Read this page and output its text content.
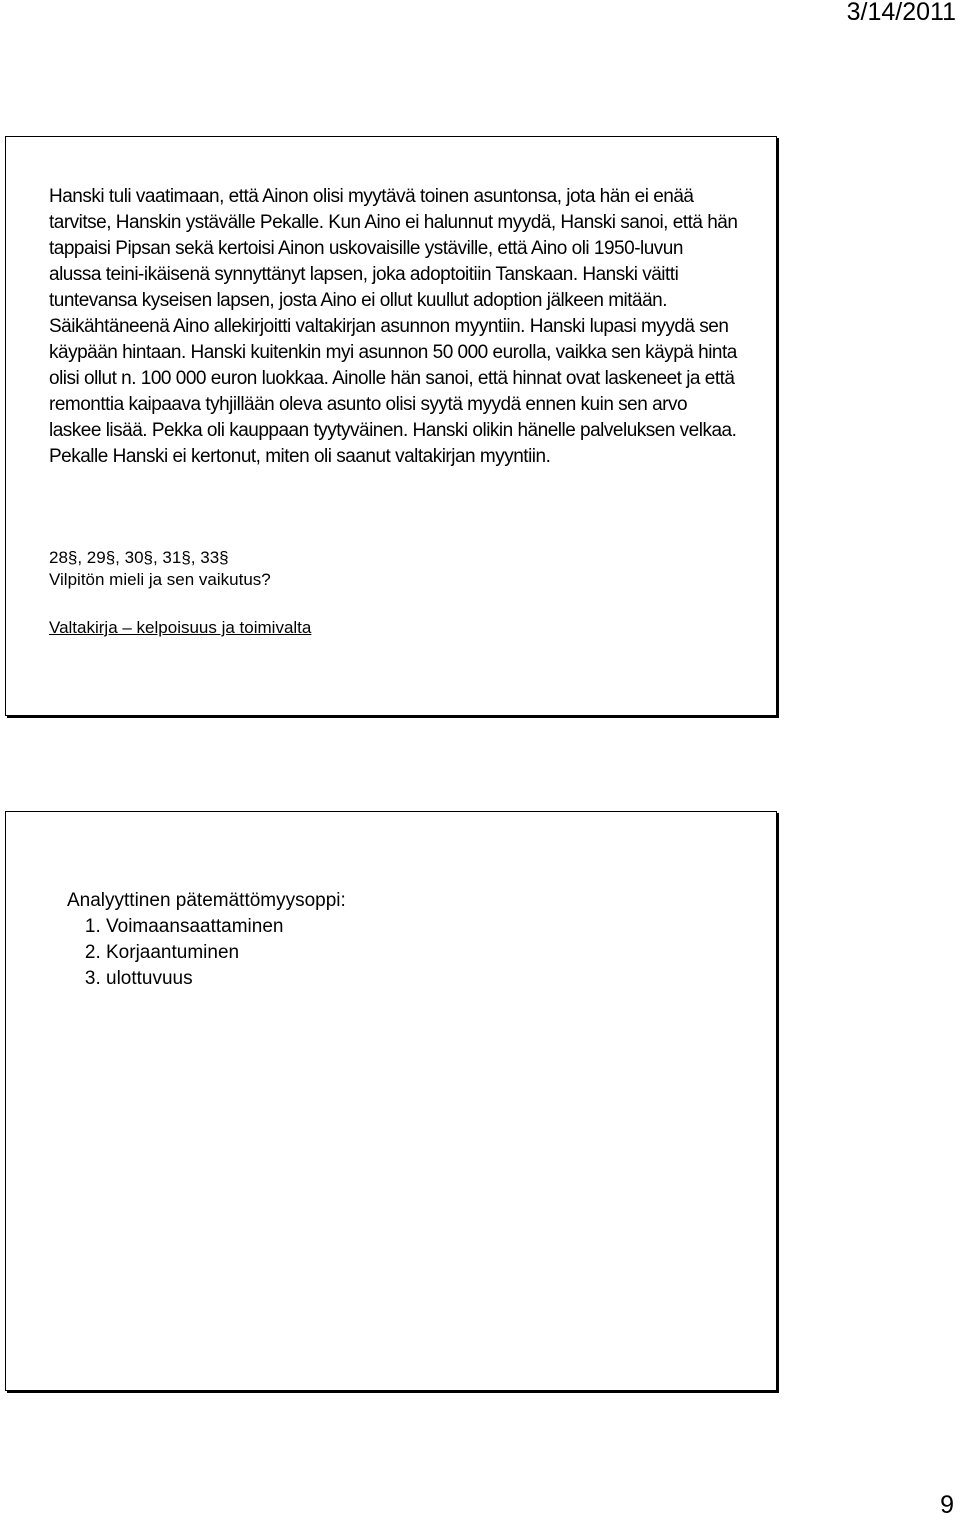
3/14/2011

Hanski tuli vaatimaan, että Ainon olisi myytävä toinen asuntonsa, jota hän ei enää tarvitse, Hanskin ystävälle Pekalle. Kun Aino ei halunnut myydä, Hanski sanoi, että hän tappaisi Pipsan sekä kertoisi Ainon uskovaisille ystäville, että Aino oli 1950-luvun alussa teini-ikäisenä synnyttänyt lapsen, joka adoptoitiin Tanskaan. Hanski väitti tuntevansa kyseisen lapsen, josta Aino ei ollut kuullut adoption jälkeen mitään. Säikähtäneenä Aino allekirjoitti valtakirjan asunnon myyntiin. Hanski lupasi myydä sen käypään hintaan. Hanski kuitenkin myi asunnon 50 000 eurolla, vaikka sen käypä hinta olisi ollut n. 100 000 euron luokkaa. Ainolle hän sanoi, että hinnat ovat laskeneet ja että remonttia kaipaava tyhjillään oleva asunto olisi syytä myydä ennen kuin sen arvo laskee lisää. Pekka oli kauppaan tyytyväinen. Hanski olikin hänelle palveluksen velkaa. Pekalle Hanski ei kertonut, miten oli saanut valtakirjan myyntiin.

28§, 29§, 30§, 31§, 33§

Vilpitön mieli ja sen vaikutus?

Valtakirja – kelpoisuus ja toimivalta

Analyyttinen pätemättömyysoppi:

1. Voimaansaattaminen
2. Korjaantuminen
3. ulottuvuus
9
